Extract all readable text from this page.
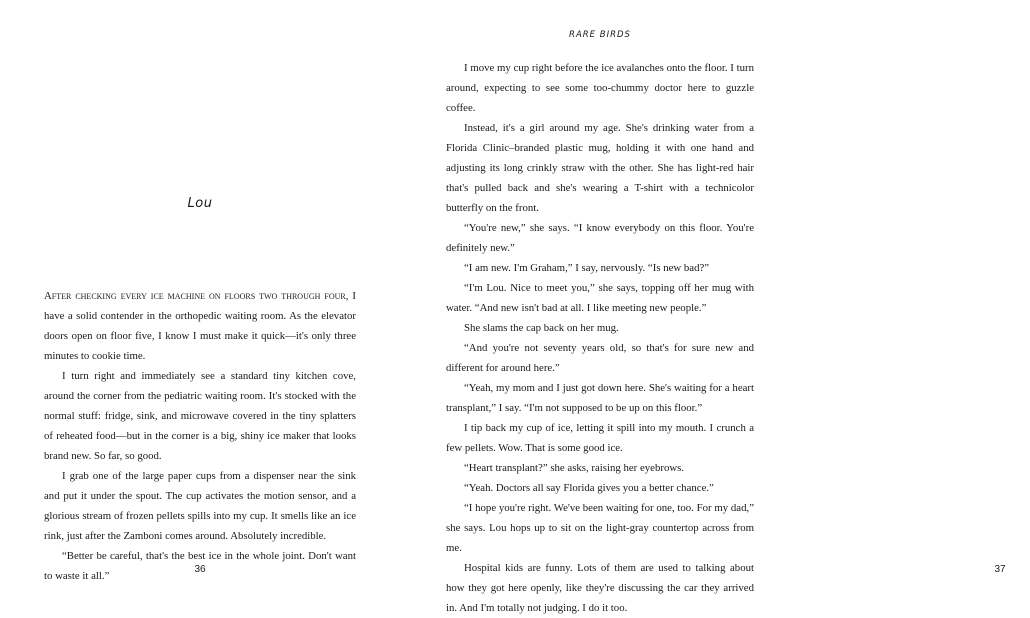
Lou

After checking every ice machine on floors two through four, I have a solid contender in the orthopedic waiting room. As the elevator doors open on floor five, I know I must make it quick—it's only three minutes to cookie time.

I turn right and immediately see a standard tiny kitchen cove, around the corner from the pediatric waiting room. It's stocked with the normal stuff: fridge, sink, and microwave covered in the tiny splatters of reheated food—but in the corner is a big, shiny ice maker that looks brand new. So far, so good.

I grab one of the large paper cups from a dispenser near the sink and put it under the spout. The cup activates the motion sensor, and a glorious stream of frozen pellets spills into my cup. It smells like an ice rink, just after the Zamboni comes around. Absolutely incredible.

“Better be careful, that's the best ice in the whole joint. Don't want to waste it all.”

36
RARE BIRDS
37

I move my cup right before the ice avalanches onto the floor. I turn around, expecting to see some too-chummy doctor here to guzzle coffee.

Instead, it's a girl around my age. She's drinking water from a Florida Clinic–branded plastic mug, holding it with one hand and adjusting its long crinkly straw with the other. She has light-red hair that's pulled back and she's wearing a T-shirt with a technicolor butterfly on the front.

“You're new,” she says. “I know everybody on this floor. You're definitely new.”

“I am new. I'm Graham,” I say, nervously. “Is new bad?”

“I'm Lou. Nice to meet you,” she says, topping off her mug with water. “And new isn't bad at all. I like meeting new people.”

She slams the cap back on her mug.

“And you're not seventy years old, so that's for sure new and different for around here.”

“Yeah, my mom and I just got down here. She's waiting for a heart transplant,” I say. “I'm not supposed to be up on this floor.”

I tip back my cup of ice, letting it spill into my mouth. I crunch a few pellets. Wow. That is some good ice.

“Heart transplant?” she asks, raising her eyebrows.

“Yeah. Doctors all say Florida gives you a better chance.”

“I hope you're right. We've been waiting for one, too. For my dad,” she says. Lou hops up to sit on the light-gray countertop across from me.

Hospital kids are funny. Lots of them are used to talking about how they got here openly, like they're discussing the car they arrived in. And I'm totally not judging. I do it too.
